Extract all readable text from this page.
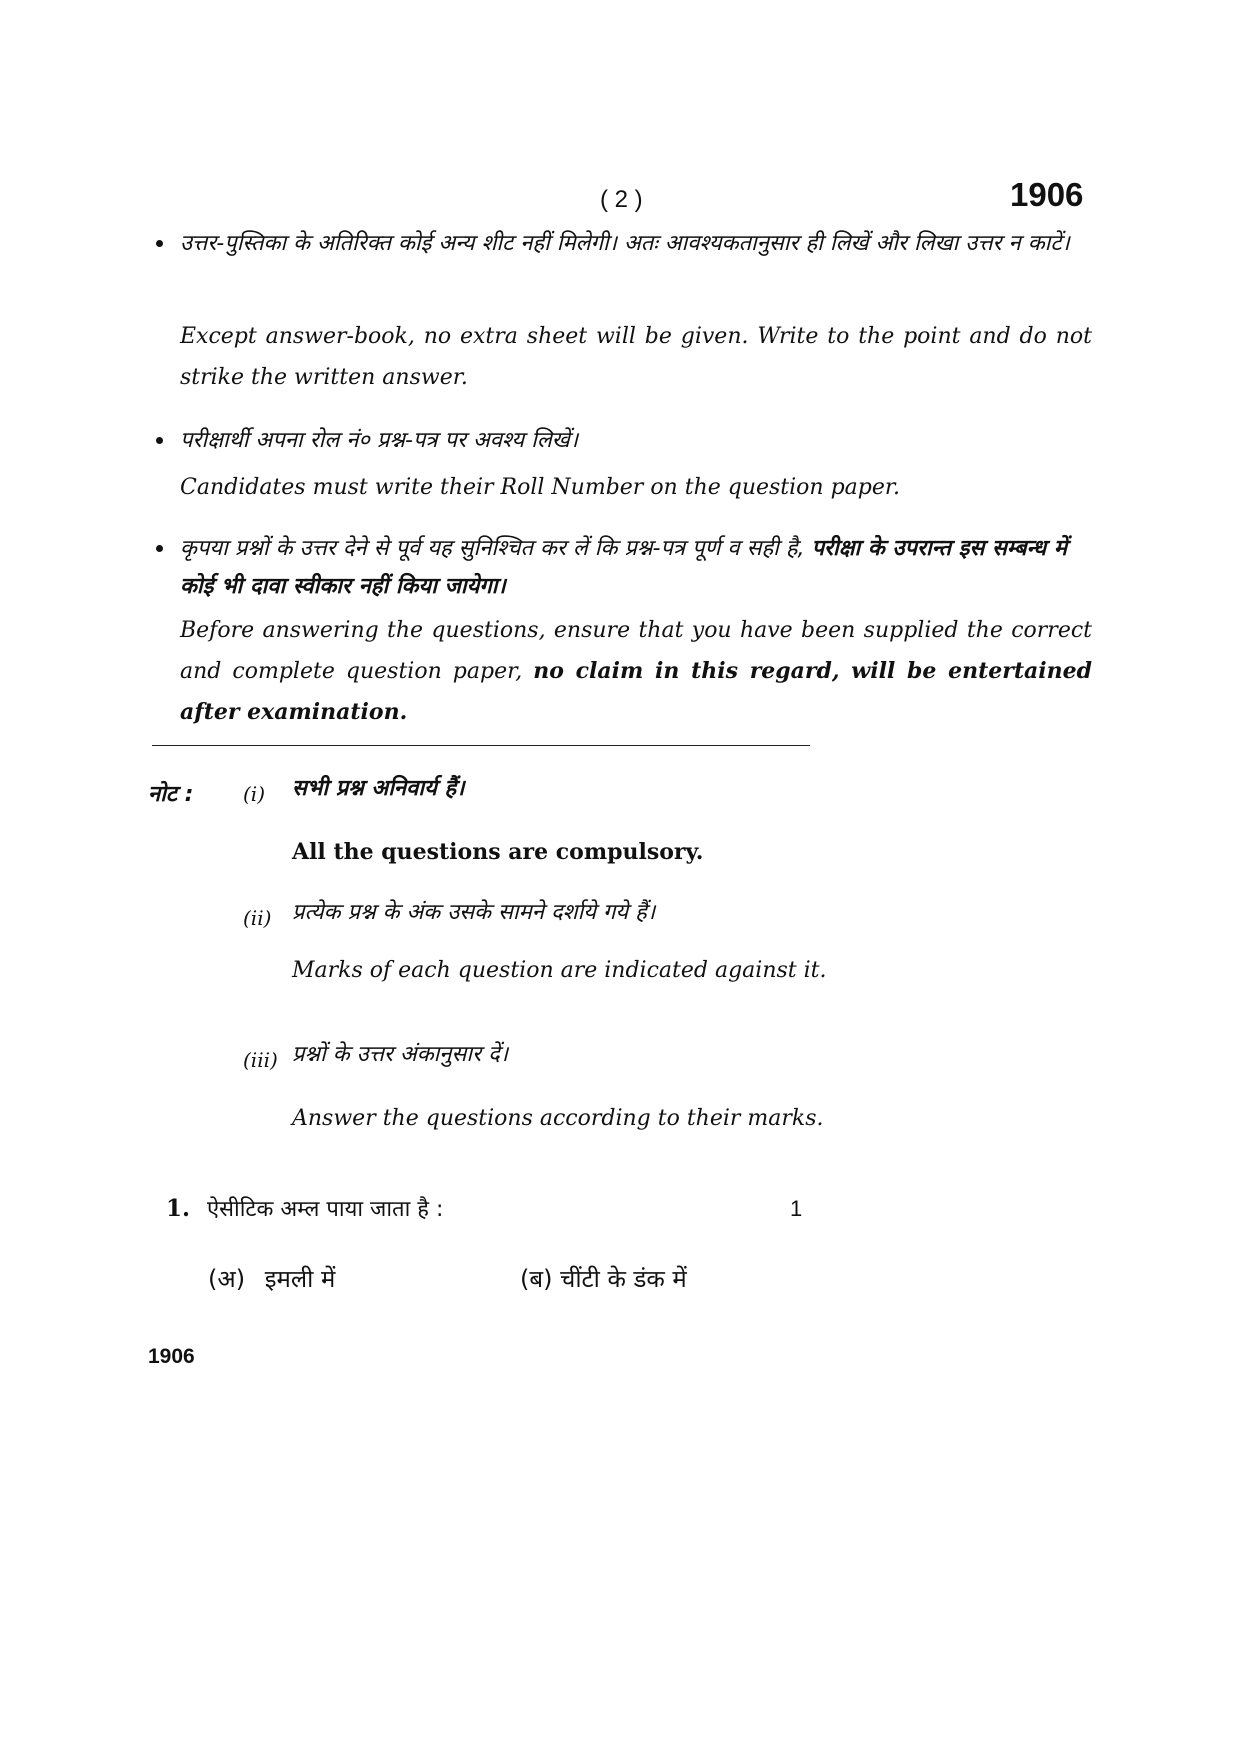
( 2 )	1906
उत्तर-पुस्तिका के अतिरिक्त कोई अन्य शीट नहीं मिलेगी। अतः आवश्यकतानुसार ही लिखें और लिखा उत्तर न काटें।
Except answer-book, no extra sheet will be given. Write to the point and do not strike the written answer.
परीक्षार्थी अपना रोल नं० प्रश्न-पत्र पर अवश्य लिखें।
Candidates must write their Roll Number on the question paper.
कृपया प्रश्नों के उत्तर देने से पूर्व यह सुनिश्चित कर लें कि प्रश्न-पत्र पूर्ण व सही है, परीक्षा के उपरान्त इस सम्बन्ध में कोई भी दावा स्वीकार नहीं किया जायेगा।
Before answering the questions, ensure that you have been supplied the correct and complete question paper, no claim in this regard, will be entertained after examination.
नोट : (i) सभी प्रश्न अनिवार्य हैं।
All the questions are compulsory.
(ii) प्रत्येक प्रश्न के अंक उसके सामने दर्शाये गये हैं।
Marks of each question are indicated against it.
(iii) प्रश्नों के उत्तर अंकानुसार दें।
Answer the questions according to their marks.
1. ऐसीटिक अम्ल पाया जाता है :	1
(अ) इमली में	(ब) चींटी के डंक में
1906
